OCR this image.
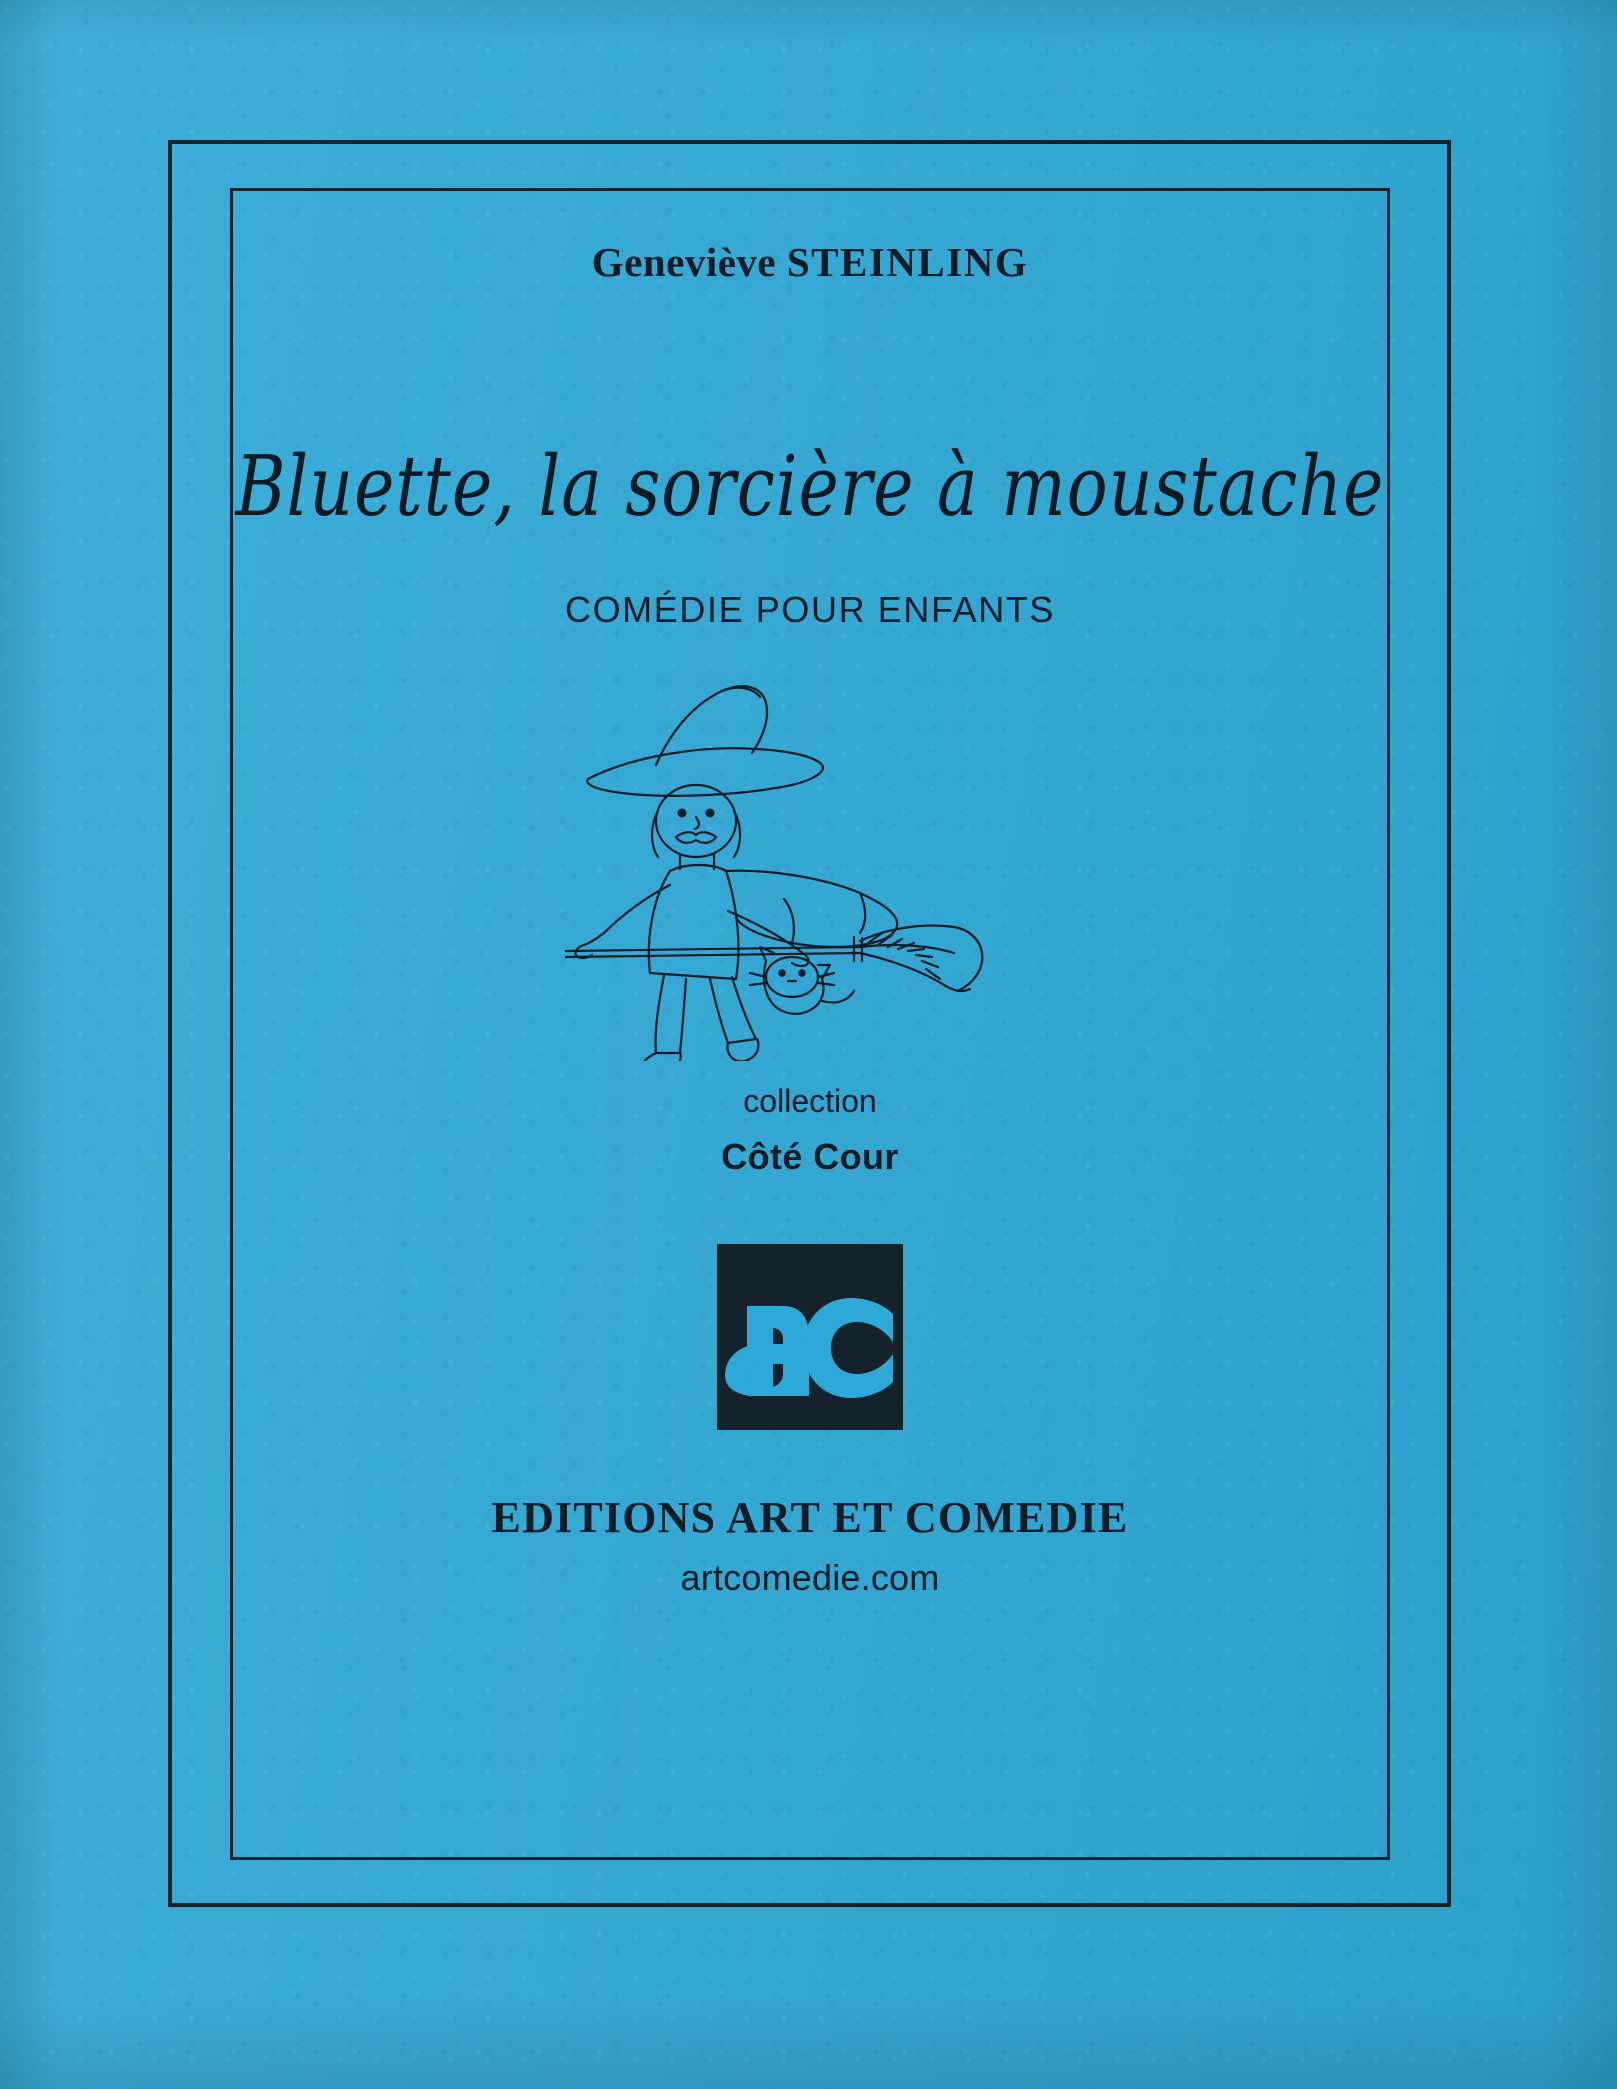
Geneviève STEINLING
Bluette, la sorcière à moustache
COMÉDIE POUR ENFANTS
collection
Côté Cour
EDITIONS ART ET COMEDIE
artcomedie.com
